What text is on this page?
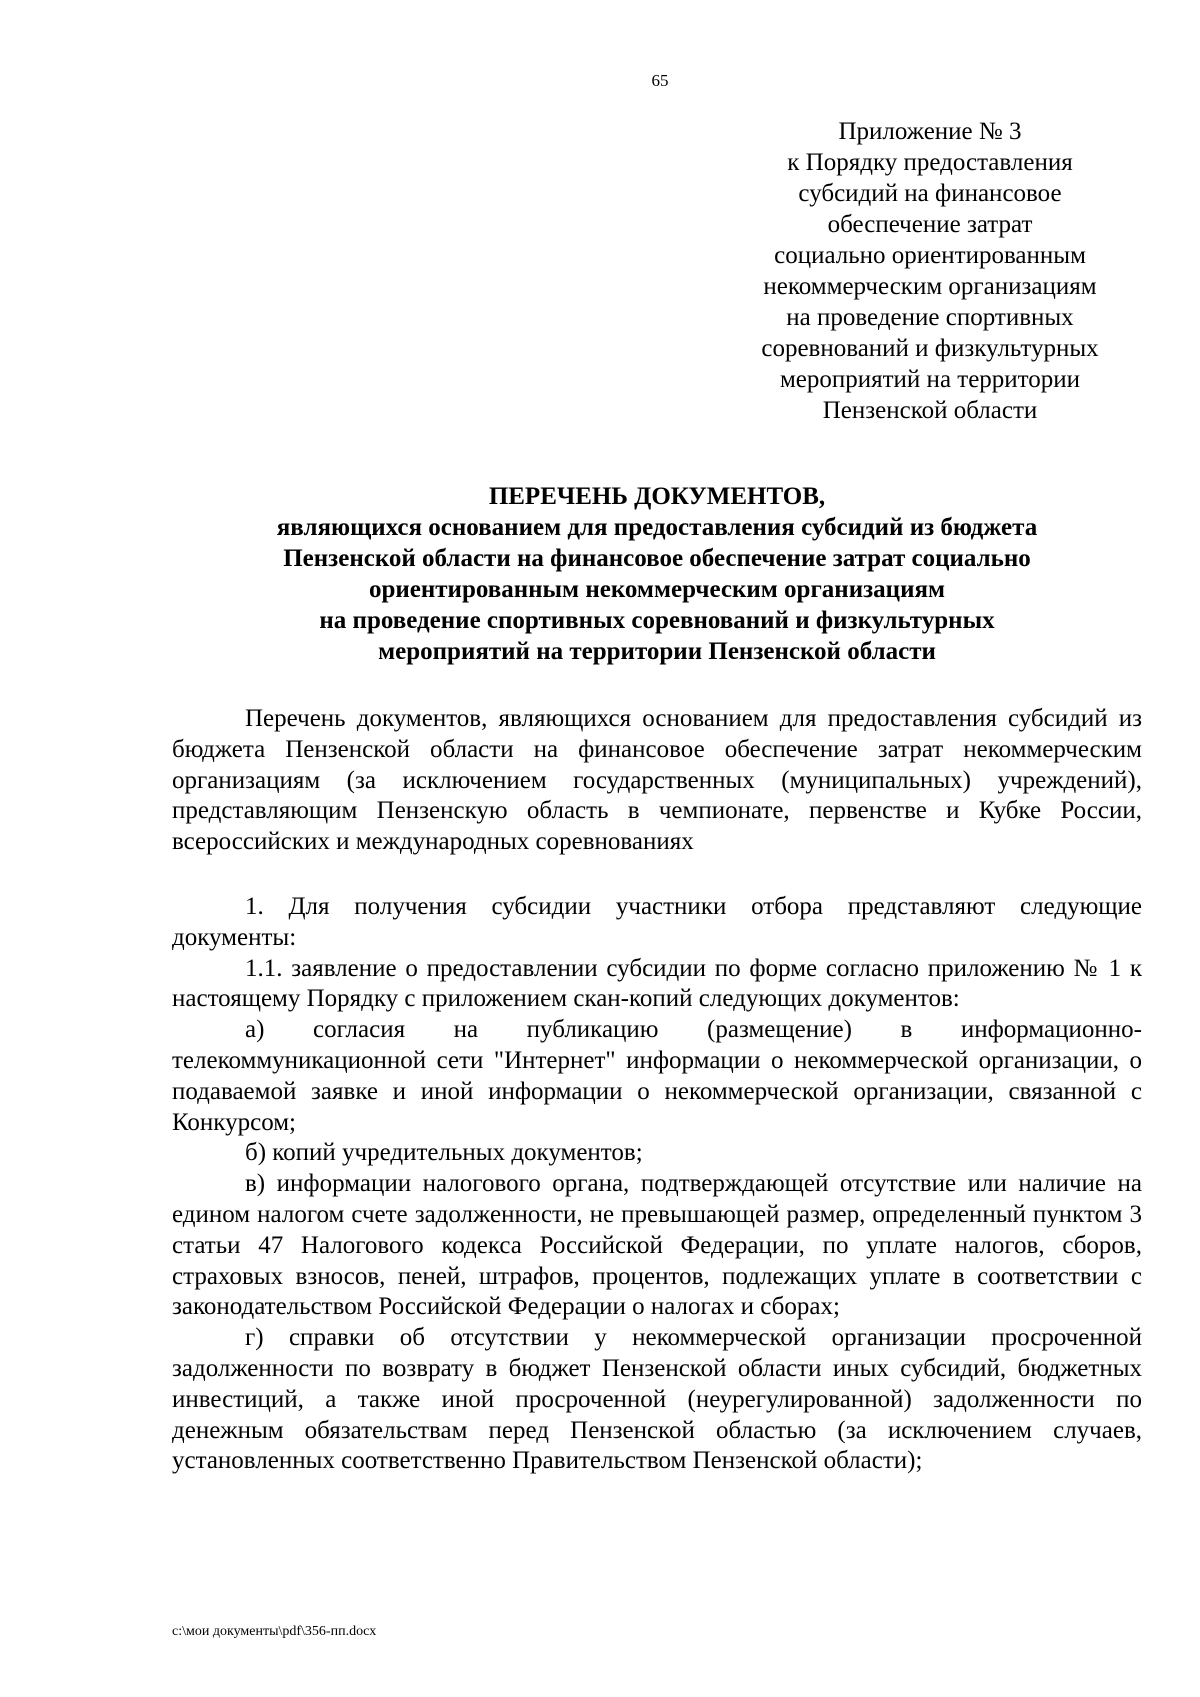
65
Приложение № 3
к Порядку предоставления
субсидий на финансовое
обеспечение затрат
социально ориентированным
некоммерческим организациям
на проведение спортивных
соревнований и физкультурных
мероприятий на территории
Пензенской области
ПЕРЕЧЕНЬ ДОКУМЕНТОВ,
являющихся основанием для предоставления субсидий из бюджета
Пензенской области на финансовое обеспечение затрат социально
ориентированным некоммерческим организациям
на проведение спортивных соревнований и физкультурных
мероприятий на территории Пензенской области

Перечень документов, являющихся основанием для предоставления субсидий из бюджета Пензенской области на финансовое обеспечение затрат некоммерческим организациям (за исключением государственных (муниципальных) учреждений), представляющим Пензенскую область в чемпионате, первенстве и Кубке России, всероссийских и международных соревнованиях

1. Для получения субсидии участники отбора представляют следующие документы:

1.1. заявление о предоставлении субсидии по форме согласно приложению № 1 к настоящему Порядку с приложением скан-копий следующих документов:

а) согласия на публикацию (размещение) в информационно-телекоммуникационной сети "Интернет" информации о некоммерческой организации, о подаваемой заявке и иной информации о некоммерческой организации, связанной с Конкурсом;

б) копий учредительных документов;

в) информации налогового органа, подтверждающей отсутствие или наличие на едином налогом счете задолженности, не превышающей размер, определенный пунктом 3 статьи 47 Налогового кодекса Российской Федерации, по уплате налогов, сборов, страховых взносов, пеней, штрафов, процентов, подлежащих уплате в соответствии с законодательством Российской Федерации о налогах и сборах;

г) справки об отсутствии у некоммерческой организации просроченной задолженности по возврату в бюджет Пензенской области иных субсидий, бюджетных инвестиций, а также иной просроченной (неурегулированной) задолженности по денежным обязательствам перед Пензенской областью (за исключением случаев, установленных соответственно Правительством Пензенской области);

c:\мои документы\pdf\356-пп.docx
